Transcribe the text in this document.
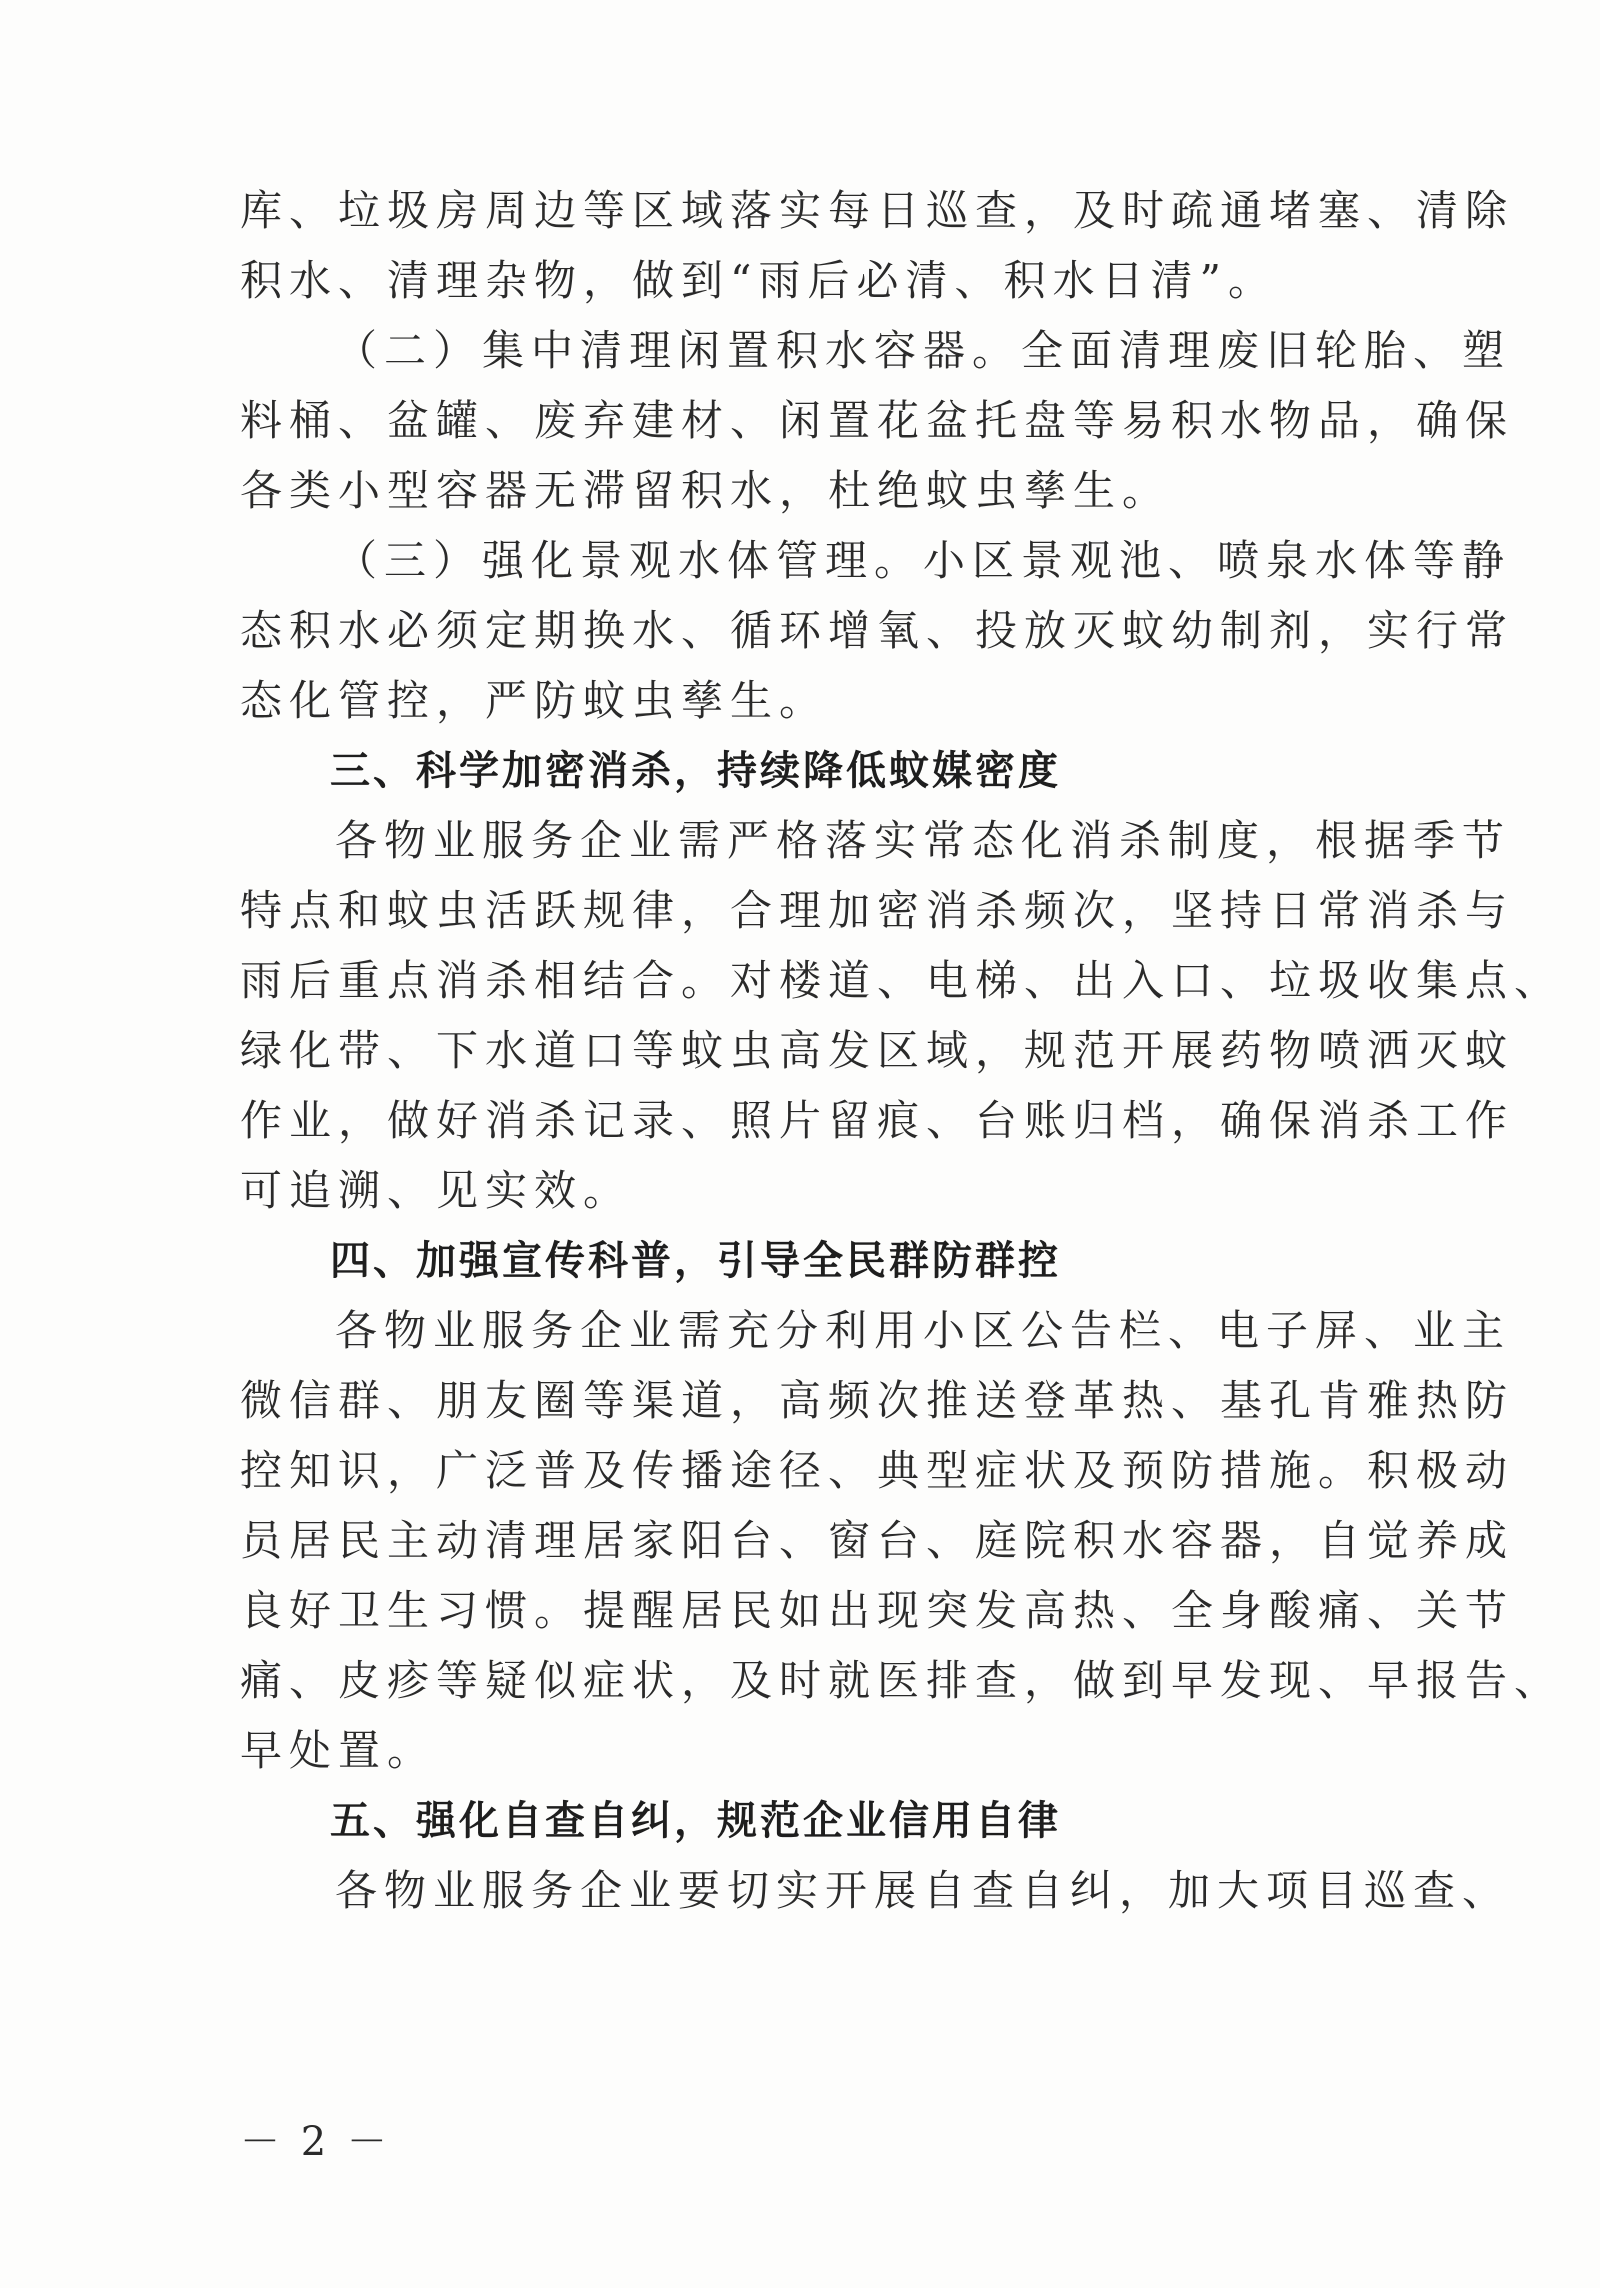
库、垃圾房周边等区域落实每日巡查，及时疏通堵塞、清除
积水、清理杂物，做到“雨后必清、积水日清”。
（二）集中清理闲置积水容器。全面清理废旧轮胎、塑
料桶、盆罐、废弃建材、闲置花盆托盘等易积水物品，确保
各类小型容器无滞留积水，杜绝蚊虫孳生。
（三）强化景观水体管理。小区景观池、喷泉水体等静
态积水必须定期换水、循环增氧、投放灭蚊幼制剂，实行常
态化管控，严防蚊虫孳生。
三、科学加密消杀，持续降低蚊媒密度
各物业服务企业需严格落实常态化消杀制度，根据季节
特点和蚊虫活跃规律，合理加密消杀频次，坚持日常消杀与
雨后重点消杀相结合。对楼道、电梯、出入口、垃圾收集点、
绿化带、下水道口等蚊虫高发区域，规范开展药物喷洒灭蚊
作业，做好消杀记录、照片留痕、台账归档，确保消杀工作
可追溯、见实效。
四、加强宣传科普，引导全民群防群控
各物业服务企业需充分利用小区公告栏、电子屏、业主
微信群、朋友圈等渠道，高频次推送登革热、基孔肯雅热防
控知识，广泛普及传播途径、典型症状及预防措施。积极动
员居民主动清理居家阳台、窗台、庭院积水容器，自觉养成
良好卫生习惯。提醒居民如出现突发高热、全身酸痛、关节
痛、皮疹等疑似症状，及时就医排查，做到早发现、早报告、
早处置。
五、强化自查自纠，规范企业信用自律
各物业服务企业要切实开展自查自纠，加大项目巡查、
－ 2 －
